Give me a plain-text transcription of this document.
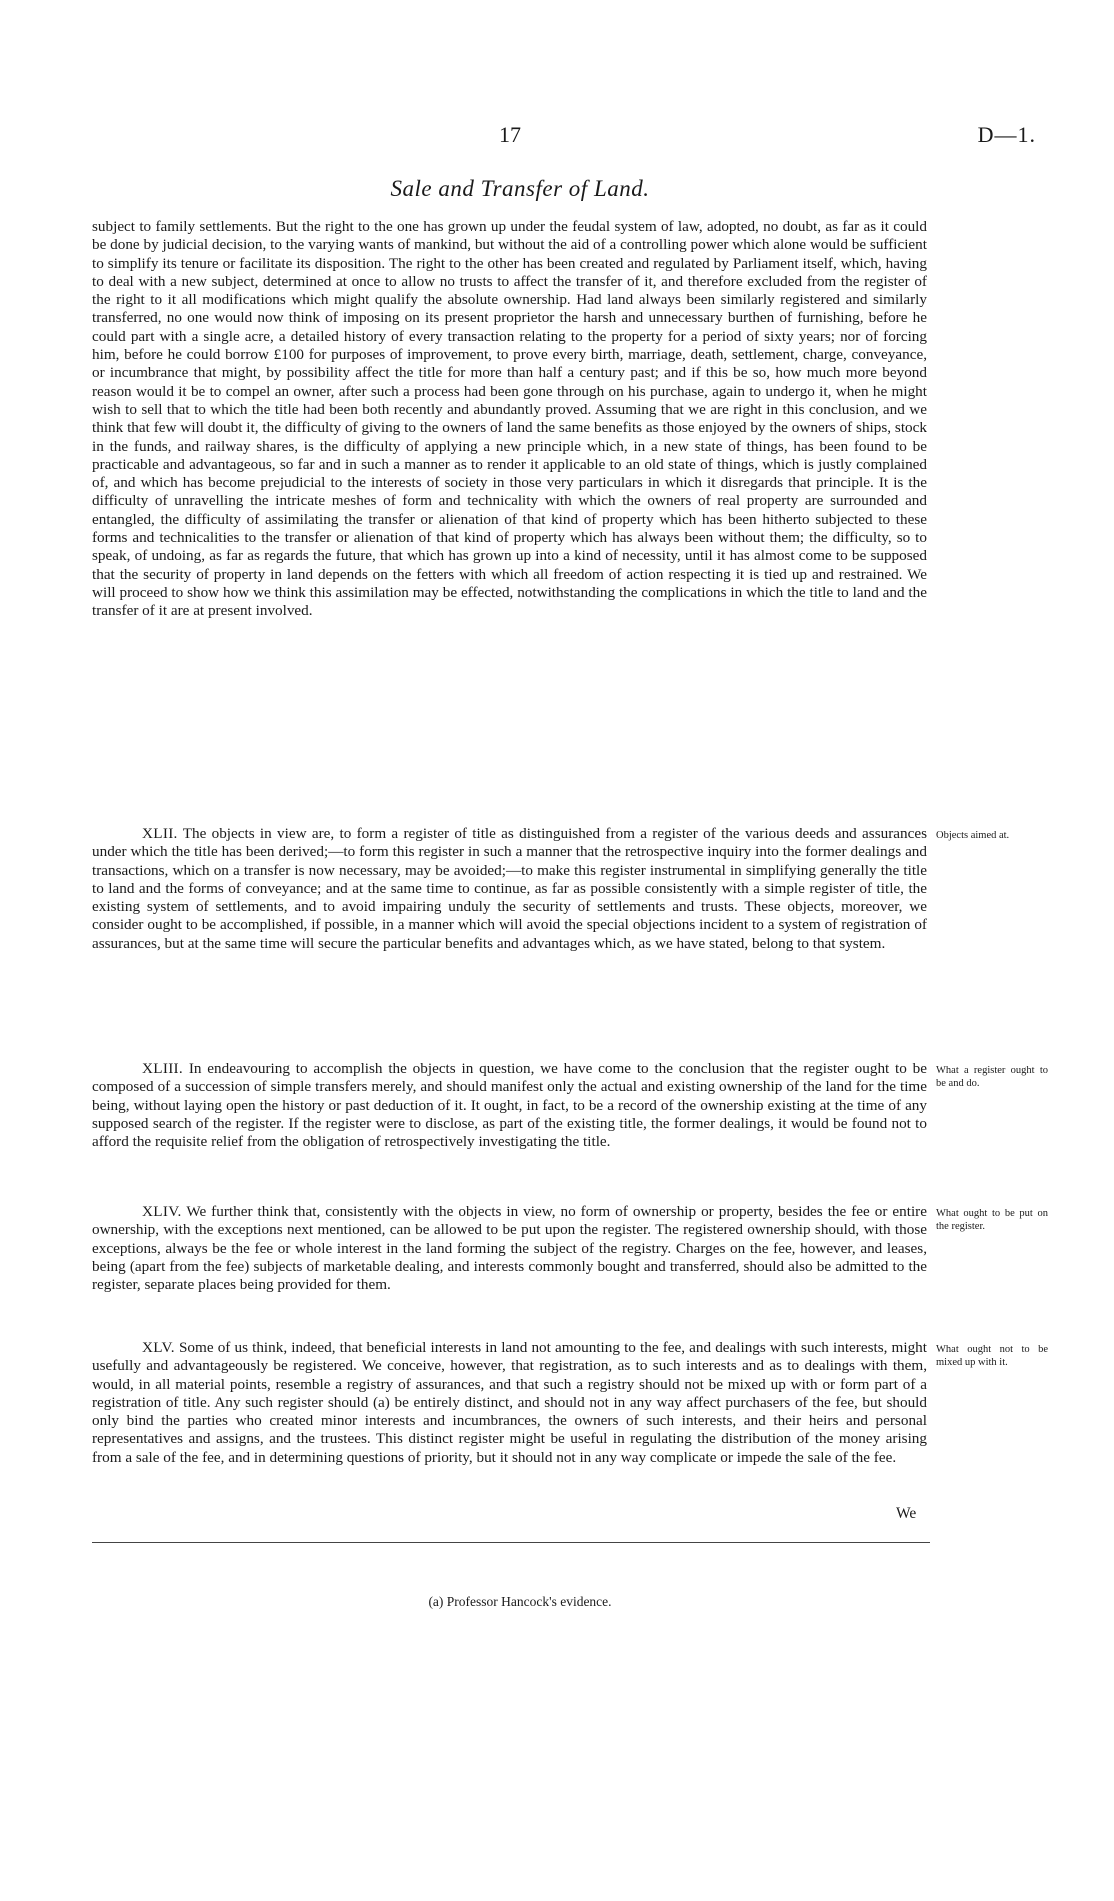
17	D—1.
Sale and Transfer of Land.
subject to family settlements. But the right to the one has grown up under the feudal system of law, adopted, no doubt, as far as it could be done by judicial decision, to the varying wants of mankind, but without the aid of a controlling power which alone would be sufficient to simplify its tenure or facilitate its disposition. The right to the other has been created and regulated by Parliament itself, which, having to deal with a new subject, determined at once to allow no trusts to affect the transfer of it, and therefore excluded from the register of the right to it all modifications which might qualify the absolute ownership. Had land always been similarly registered and similarly transferred, no one would now think of imposing on its present proprietor the harsh and unnecessary burthen of furnishing, before he could part with a single acre, a detailed history of every transaction relating to the property for a period of sixty years; nor of forcing him, before he could borrow £100 for purposes of improvement, to prove every birth, marriage, death, settlement, charge, conveyance, or incumbrance that might, by possibility affect the title for more than half a century past; and if this be so, how much more beyond reason would it be to compel an owner, after such a process had been gone through on his purchase, again to undergo it, when he might wish to sell that to which the title had been both recently and abundantly proved. Assuming that we are right in this conclusion, and we think that few will doubt it, the difficulty of giving to the owners of land the same benefits as those enjoyed by the owners of ships, stock in the funds, and railway shares, is the difficulty of applying a new principle which, in a new state of things, has been found to be practicable and advantageous, so far and in such a manner as to render it applicable to an old state of things, which is justly complained of, and which has become prejudicial to the interests of society in those very particulars in which it disregards that principle. It is the difficulty of unravelling the intricate meshes of form and technicality with which the owners of real property are surrounded and entangled, the difficulty of assimilating the transfer or alienation of that kind of property which has been hitherto subjected to these forms and technicalities to the transfer or alienation of that kind of property which has always been without them; the difficulty, so to speak, of undoing, as far as regards the future, that which has grown up into a kind of necessity, until it has almost come to be supposed that the security of property in land depends on the fetters with which all freedom of action respecting it is tied up and restrained. We will proceed to show how we think this assimilation may be effected, notwithstanding the complications in which the title to land and the transfer of it are at present involved.
XLII. The objects in view are, to form a register of title as distinguished from a register of the various deeds and assurances under which the title has been derived;—to form this register in such a manner that the retrospective inquiry into the former dealings and transactions, which on a transfer is now necessary, may be avoided;—to make this register instrumental in simplifying generally the title to land and the forms of conveyance; and at the same time to continue, as far as possible consistently with a simple register of title, the existing system of settlements, and to avoid impairing unduly the security of settlements and trusts. These objects, moreover, we consider ought to be accomplished, if possible, in a manner which will avoid the special objections incident to a system of registration of assurances, but at the same time will secure the particular benefits and advantages which, as we have stated, belong to that system.
Objects aimed at.
XLIII. In endeavouring to accomplish the objects in question, we have come to the conclusion that the register ought to be composed of a succession of simple transfers merely, and should manifest only the actual and existing ownership of the land for the time being, without laying open the history or past deduction of it. It ought, in fact, to be a record of the ownership existing at the time of any supposed search of the register. If the register were to disclose, as part of the existing title, the former dealings, it would be found not to afford the requisite relief from the obligation of retrospectively investigating the title.
What a register ought to be and do.
XLIV. We further think that, consistently with the objects in view, no form of ownership or property, besides the fee or entire ownership, with the exceptions next mentioned, can be allowed to be put upon the register. The registered ownership should, with those exceptions, always be the fee or whole interest in the land forming the subject of the registry. Charges on the fee, however, and leases, being (apart from the fee) subjects of marketable dealing, and interests commonly bought and transferred, should also be admitted to the register, separate places being provided for them.
What ought to be put on the register.
XLV. Some of us think, indeed, that beneficial interests in land not amounting to the fee, and dealings with such interests, might usefully and advantageously be registered. We conceive, however, that registration, as to such interests and as to dealings with them, would, in all material points, resemble a registry of assurances, and that such a registry should not be mixed up with or form part of a registration of title. Any such register should (a) be entirely distinct, and should not in any way affect purchasers of the fee, but should only bind the parties who created minor interests and incumbrances, the owners of such interests, and their heirs and personal representatives and assigns, and the trustees. This distinct register might be useful in regulating the distribution of the money arising from a sale of the fee, and in determining questions of priority, but it should not in any way complicate or impede the sale of the fee.
What ought not to be mixed up with it.
We
(a) Professor Hancock's evidence.
